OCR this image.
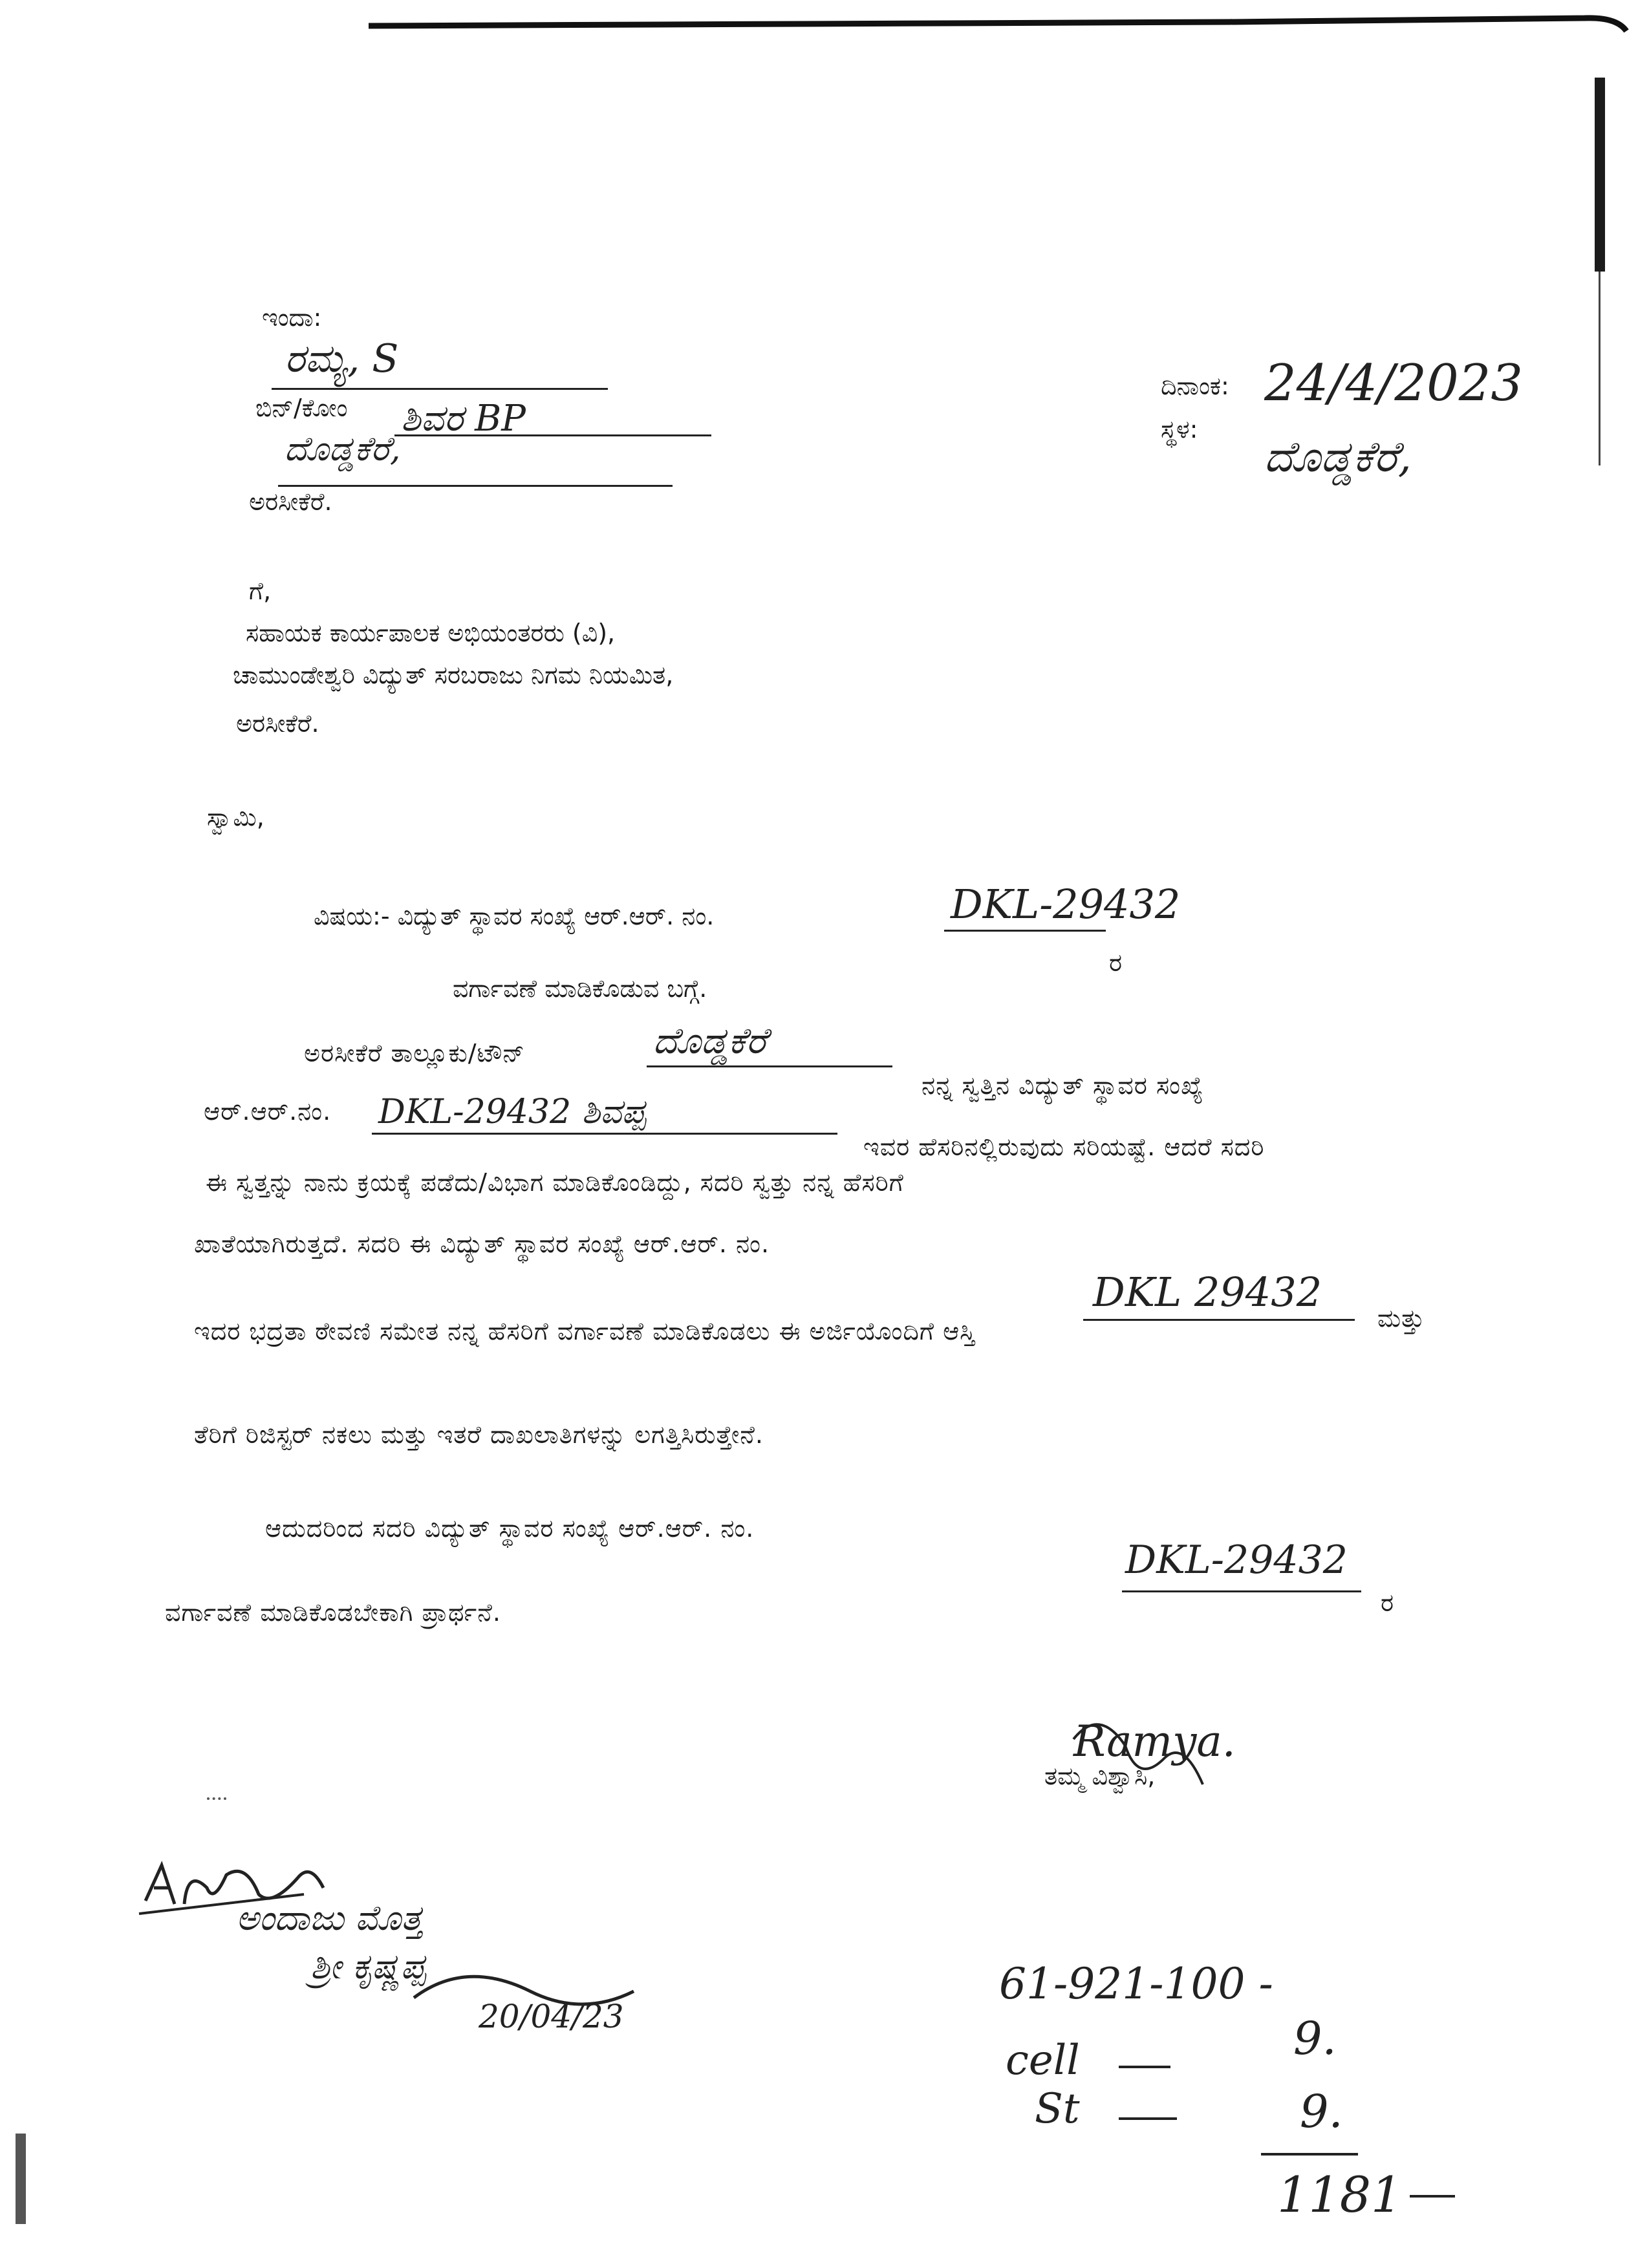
ಇಂದಾ:
ರಮ್ಯ, S
ಬಿನ್/ಕೋಂ ಶಿವರ BP
ದೊಡ್ಡಕೆರೆ,
ಅರಸೀಕೆರೆ.
ದಿನಾಂಕ: 24/4/2023
ಸ್ಥಳ:
ದೊಡ್ಡಕೆರೆ,
ಗೆ,
ಸಹಾಯಕ ಕಾರ್ಯಪಾಲಕ ಅಭಿಯಂತರರು (ವಿ),
ಚಾಮುಂಡೇಶ್ವರಿ ವಿದ್ಯುತ್ ಸರಬರಾಜು ನಿಗಮ ನಿಯಮಿತ,
ಅರಸೀಕೆರೆ.
ಸ್ವಾಮಿ,
ವಿಷಯ:- ವಿದ್ಯುತ್ ಸ್ಥಾವರ ಸಂಖ್ಯೆ ಆರ್.ಆರ್. ನಂ.	DKL-29432
ರ
ವರ್ಗಾವಣೆ ಮಾಡಿಕೊಡುವ ಬಗ್ಗೆ.
ಅರಸೀಕೆರೆ ತಾಲ್ಲೂಕು/ಟೌನ್	ದೊಡ್ಡಕೆರೆ
ನನ್ನ ಸ್ವತ್ತಿನ ವಿದ್ಯುತ್ ಸ್ಥಾವರ ಸಂಖ್ಯೆ
ಆರ್.ಆರ್.ನಂ. DKL-29432 ಶಿವಪ್ಪ
ಇವರ ಹೆಸರಿನಲ್ಲಿರುವುದು ಸರಿಯಷ್ಟೆ. ಆದರೆ ಸದರಿ
ಈ ಸ್ವತ್ತನ್ನು ನಾನು ಕ್ರಯಕ್ಕೆ ಪಡೆದು/ವಿಭಾಗ ಮಾಡಿಕೊಂಡಿದ್ದು, ಸದರಿ ಸ್ವತ್ತು ನನ್ನ ಹೆಸರಿಗೆ
ಖಾತೆಯಾಗಿರುತ್ತದೆ. ಸದರಿ ಈ ವಿದ್ಯುತ್ ಸ್ಥಾವರ ಸಂಖ್ಯೆ ಆರ್.ಆರ್. ನಂ.
DKL 29432
ಮತ್ತು
ಇದರ ಭದ್ರತಾ ಠೇವಣಿ ಸಮೇತ ನನ್ನ ಹೆಸರಿಗೆ ವರ್ಗಾವಣೆ ಮಾಡಿಕೊಡಲು ಈ ಅರ್ಜಿಯೊಂದಿಗೆ ಆಸ್ತಿ
ತೆರಿಗೆ ರಿಜಿಸ್ಟರ್ ನಕಲು ಮತ್ತು ಇತರೆ ದಾಖಲಾತಿಗಳನ್ನು ಲಗತ್ತಿಸಿರುತ್ತೇನೆ.
ಆದುದರಿಂದ ಸದರಿ ವಿದ್ಯುತ್ ಸ್ಥಾವರ ಸಂಖ್ಯೆ ಆರ್.ಆರ್. ನಂ.
DKL-29432
ರ
ವರ್ಗಾವಣೆ ಮಾಡಿಕೊಡಬೇಕಾಗಿ ಪ್ರಾರ್ಥನೆ.
ತಮ್ಮ ವಿಶ್ವಾಸಿ,
Ramya.
ಅಂದಾಜು ಮೊತ್ತ
ಶ್ರೀ ಕೃಷ್ಣಪ್ಪ
20/04/23
61-921-100 -
cell	9.
St	9.
1181
